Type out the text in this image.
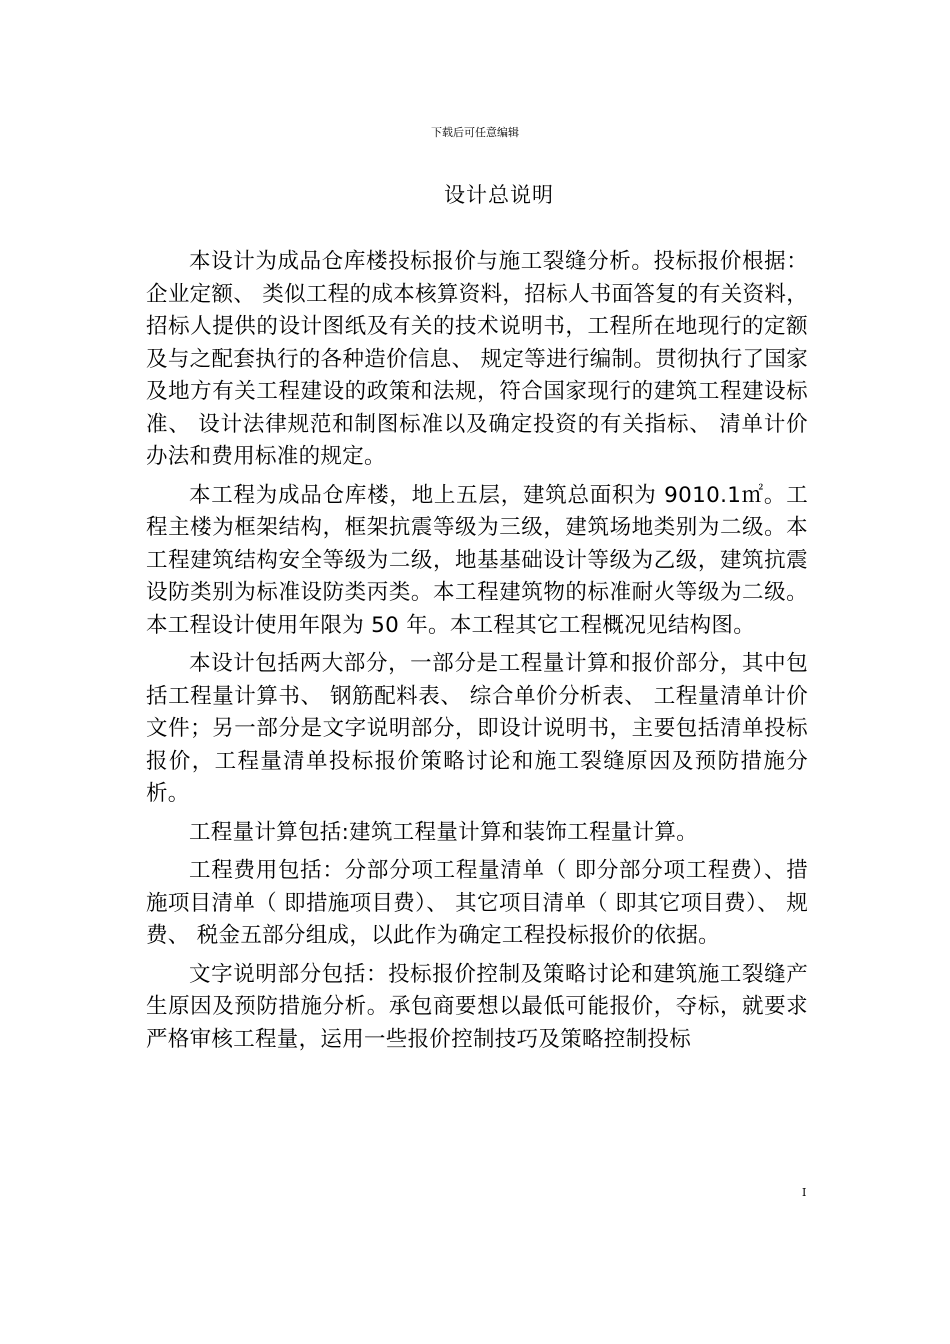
下载后可任意编辑
设计总说明

本设计为成品仓库楼投标报价与施工裂缝分析。投标报价根据：企业定额、 类似工程的成本核算资料，招标人书面答复的有关资料，招标人提供的设计图纸及有关的技术说明书，工程所在地现行的定额及与之配套执行的各种造价信息、 规定等进行编制。贯彻执行了国家及地方有关工程建设的政策和法规，符合国家现行的建筑工程建设标准、 设计法律规范和制图标准以及确定投资的有关指标、 清单计价办法和费用标准的规定。

本工程为成品仓库楼，地上五层，建筑总面积为 9010.1㎡。工程主楼为框架结构，框架抗震等级为三级，建筑场地类别为二级。本工程建筑结构安全等级为二级，地基基础设计等级为乙级，建筑抗震设防类别为标准设防类丙类。本工程建筑物的标准耐火等级为二级。本工程设计使用年限为 50 年。本工程其它工程概况见结构图。

本设计包括两大部分，一部分是工程量计算和报价部分，其中包括工程量计算书、 钢筋配料表、 综合单价分析表、 工程量清单计价文件；另一部分是文字说明部分，即设计说明书，主要包括清单投标报价，工程量清单投标报价策略讨论和施工裂缝原因及预防措施分析。

工程量计算包括:建筑工程量计算和装饰工程量计算。

工程费用包括：分部分项工程量清单（ 即分部分项工程费）、措施项目清单（ 即措施项目费）、 其它项目清单（ 即其它项目费）、 规费、 税金五部分组成，以此作为确定工程投标报价的依据。

文字说明部分包括：投标报价控制及策略讨论和建筑施工裂缝产生原因及预防措施分析。承包商要想以最低可能报价，夺标，就要求严格审核工程量，运用一些报价控制技巧及策略控制投标

I
